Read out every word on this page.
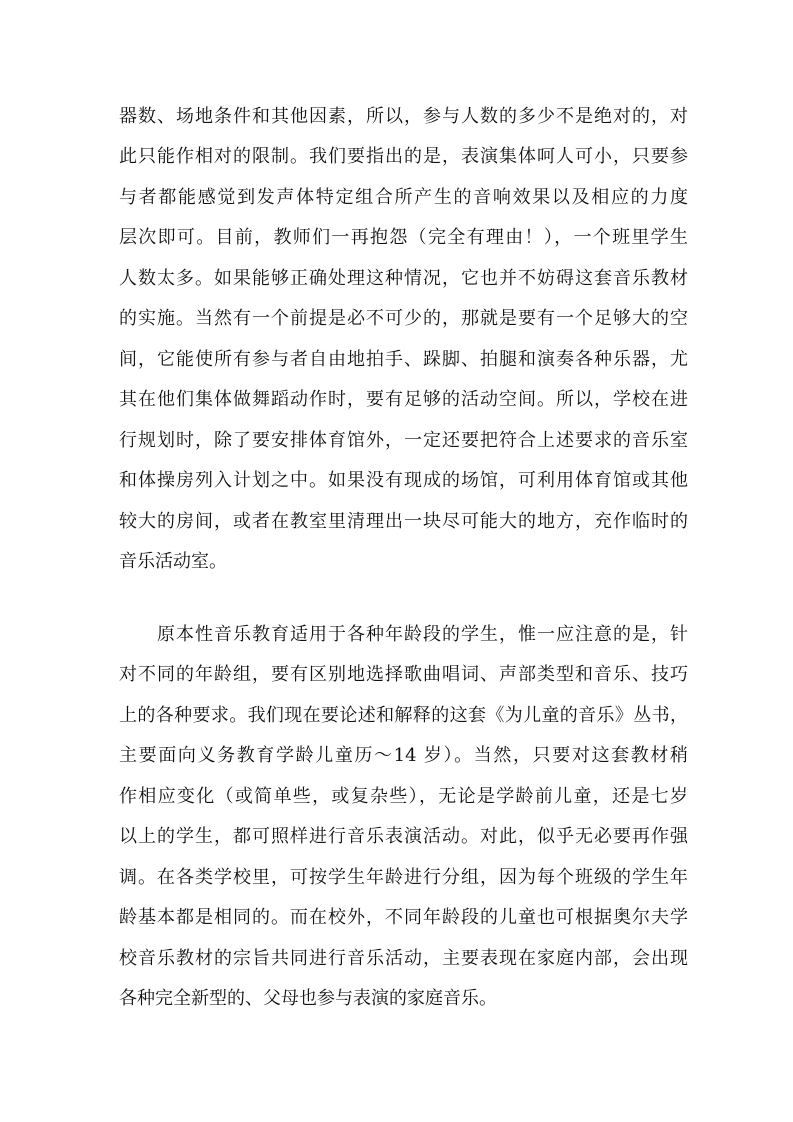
器数、场地条件和其他因素，所以，参与人数的多少不是绝对的，对
此只能作相对的限制。我们要指出的是，表演集体呵人可小，只要参
与者都能感觉到发声体特定组合所产生的音响效果以及相应的力度
层次即可。目前，教师们一再抱怨（完全有理由！），一个班里学生
人数太多。如果能够正确处理这种情况，它也并不妨碍这套音乐教材
的实施。当然有一个前提是必不可少的，那就是要有一个足够大的空
间，它能使所有参与者自由地拍手、跺脚、拍腿和演奏各种乐器，尤
其在他们集体做舞蹈动作时，要有足够的活动空间。所以，学校在进
行规划时，除了要安排体育馆外，一定还要把符合上述要求的音乐室
和体操房列入计划之中。如果没有现成的场馆，可利用体育馆或其他
较大的房间，或者在教室里清理出一块尽可能大的地方，充作临时的
音乐活动室。
原本性音乐教育适用于各种年龄段的学生，惟一应注意的是，针
对不同的年龄组，要有区别地选择歌曲唱词、声部类型和音乐、技巧
上的各种要求。我们现在要论述和解释的这套《为儿童的音乐》丛书，
主要面向义务教育学龄儿童历～14 岁）。当然，只要对这套教材稍
作相应变化（或简单些，或复杂些），无论是学龄前儿童，还是七岁
以上的学生，都可照样进行音乐表演活动。对此，似乎无必要再作强
调。在各类学校里，可按学生年龄进行分组，因为每个班级的学生年
龄基本都是相同的。而在校外，不同年龄段的儿童也可根据奥尔夫学
校音乐教材的宗旨共同进行音乐活动，主要表现在家庭内部，会出现
各种完全新型的、父母也参与表演的家庭音乐。
